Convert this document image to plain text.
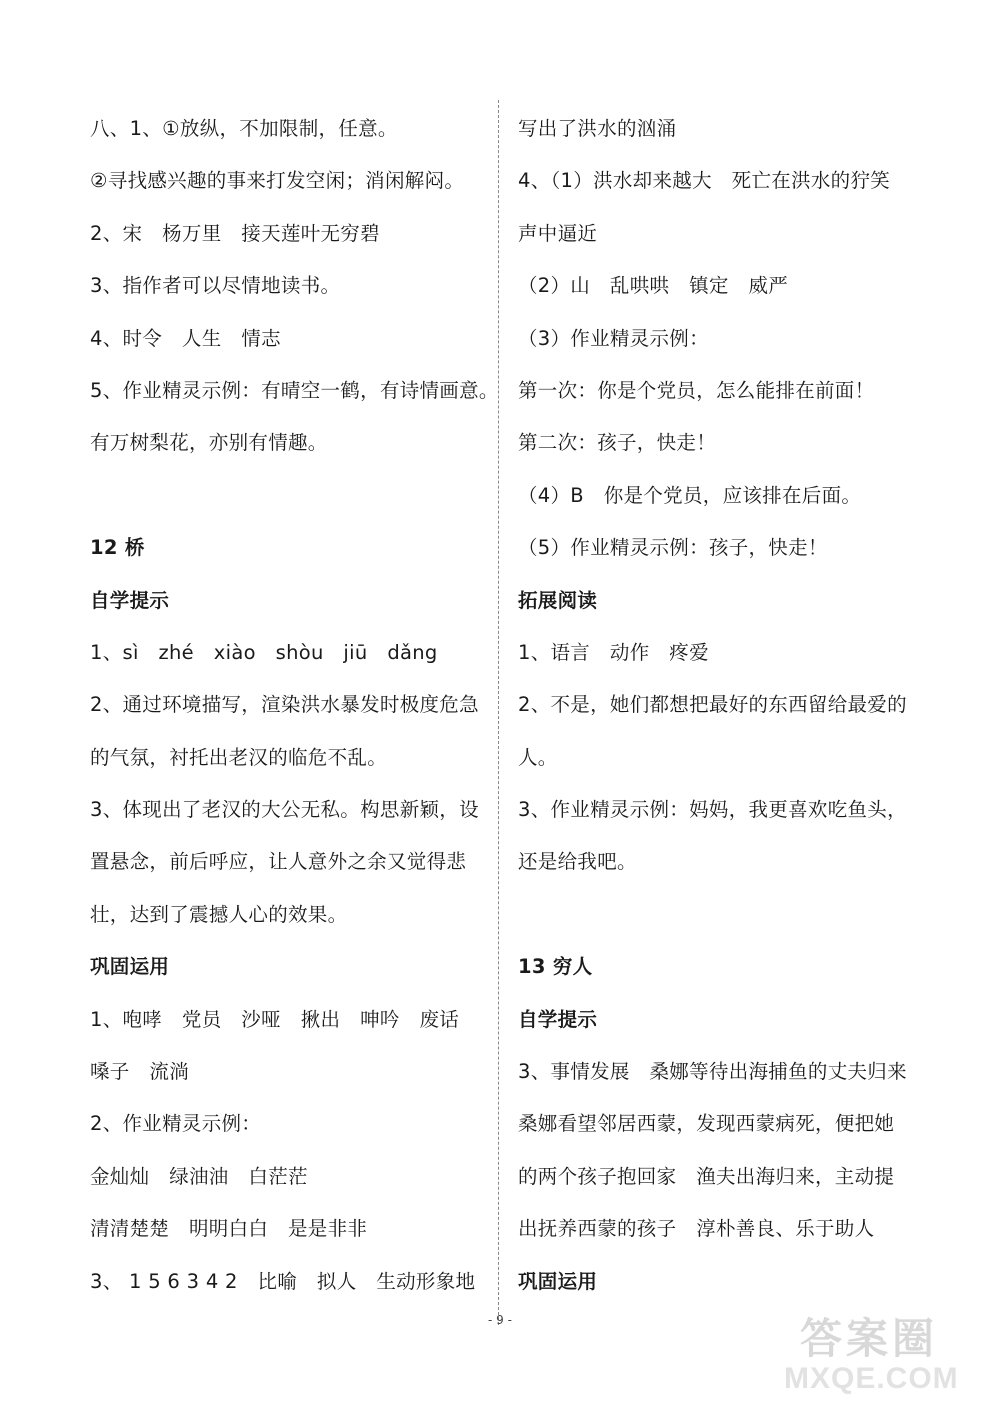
八、1、①放纵，不加限制，任意。
②寻找感兴趣的事来打发空闲；消闲解闷。
2、宋　杨万里　接天莲叶无穷碧
3、指作者可以尽情地读书。
4、时令　人生　情志
5、作业精灵示例：有晴空一鹤，有诗情画意。
有万树梨花，亦别有情趣。
12 桥
自学提示
1、sì　zhé　xiào　shòu　jiū　dǎng
2、通过环境描写，渲染洪水暴发时极度危急
的气氛，衬托出老汉的临危不乱。
3、体现出了老汉的大公无私。构思新颖，设
置悬念，前后呼应，让人意外之余又觉得悲
壮，达到了震撼人心的效果。
巩固运用
1、咆哮　党员　沙哑　揪出　呻吟　废话
嗓子　流淌
2、作业精灵示例：
金灿灿　绿油油　白茫茫
清清楚楚　明明白白　是是非非
3、 1 5 6 3 4 2　比喻　拟人　生动形象地
写出了洪水的汹涌
4、（1）洪水却来越大　死亡在洪水的狞笑
声中逼近
（2）山　乱哄哄　镇定　威严
（3）作业精灵示例：
第一次：你是个党员，怎么能排在前面！
第二次：孩子，快走！
（4）B　你是个党员，应该排在后面。
（5）作业精灵示例：孩子，快走！
拓展阅读
1、语言　动作　疼爱
2、不是，她们都想把最好的东西留给最爱的
人。
3、作业精灵示例：妈妈，我更喜欢吃鱼头，
还是给我吧。
13 穷人
自学提示
3、事情发展　桑娜等待出海捕鱼的丈夫归来
桑娜看望邻居西蒙，发现西蒙病死，便把她
的两个孩子抱回家　渔夫出海归来，主动提
出抚养西蒙的孩子　淳朴善良、乐于助人
巩固运用
- 9 -	答案圈
MXQE.COM
